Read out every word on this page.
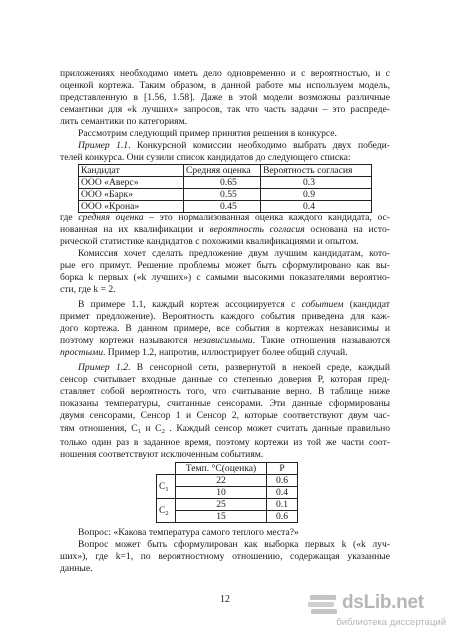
приложениях необходимо иметь дело одновременно и с вероятностью, и с
оценкой кортежа. Таким образом, в данной работе мы используем модель,
представленную в [1.56, 1.58]. Даже в этой модели возможны различные
семантики для «k лучших» запросов, так что часть задачи – это распреде-
лить семантики по категориям.
Рассмотрим следующий пример принятия решения в конкурсе.
Пример 1.1. Конкурсной комиссии необходимо выбрать двух победи-
телей конкурса. Они сузили список кандидатов до следующего списка:
Кандидат	Средняя оценка	Вероятность согласия
ООО «Аверс»	0.65	0.3
ООО «Барк»	0.55	0.9
ООО «Крона»	0.45	0.4
где средняя оценка – это нормализованная оценка каждого кандидата, ос-
нованная на их квалификации и вероятность согласия основана на исто-
рической статистике кандидатов с похожими квалификациями и опытом.
Комиссия хочет сделать предложение двум лучшим кандидатам, кото-
рые его примут. Решение проблемы может быть сформулировано как вы-
борка k первых («k лучших») с самыми высокими показателями вероятно-
сти, где k = 2.
В примере 1.1, каждый кортеж ассоциируется с событием (кандидат
примет предложение). Вероятность каждого события приведена для каж-
дого кортежа. В данном примере, все события в кортежах независимы и
поэтому кортежи называются независимыми. Такие отношения называются
простыми. Пример 1.2, напротив, иллюстрирует более общий случай.
Пример 1.2. В сенсорной сети, развернутой в некоей среде, каждый
сенсор считывает входные данные со степенью доверия P, которая пред-
ставляет собой вероятность того, что считывание верно. В таблице ниже
показаны температуры, считанные сенсорами. Эти данные сформированы
двумя сенсорами, Сенсор 1 и Сенсор 2, которые соответствуют двум час-
тям отношения, $C_1$ и $C_2$ . Каждый сенсор может считать данные правильно
только один раз в заданное время, поэтому кортежи из той же части сoот-
ношения соответствуют исключенным событиям.
	Темп. °C(оценка)	P
$C_1$	22	0.6
	10	0.4
$C_2$	25	0.1
	15	0.6
Вопрос: «Какова температура самого теплого места?»
Вопрос может быть сформулирован как выборка первых k («k луч-
ших»), где k=1, по вероятностному отношению, содержащая указанные
данные.
12	dsLib.net
библиотека диссертаций
